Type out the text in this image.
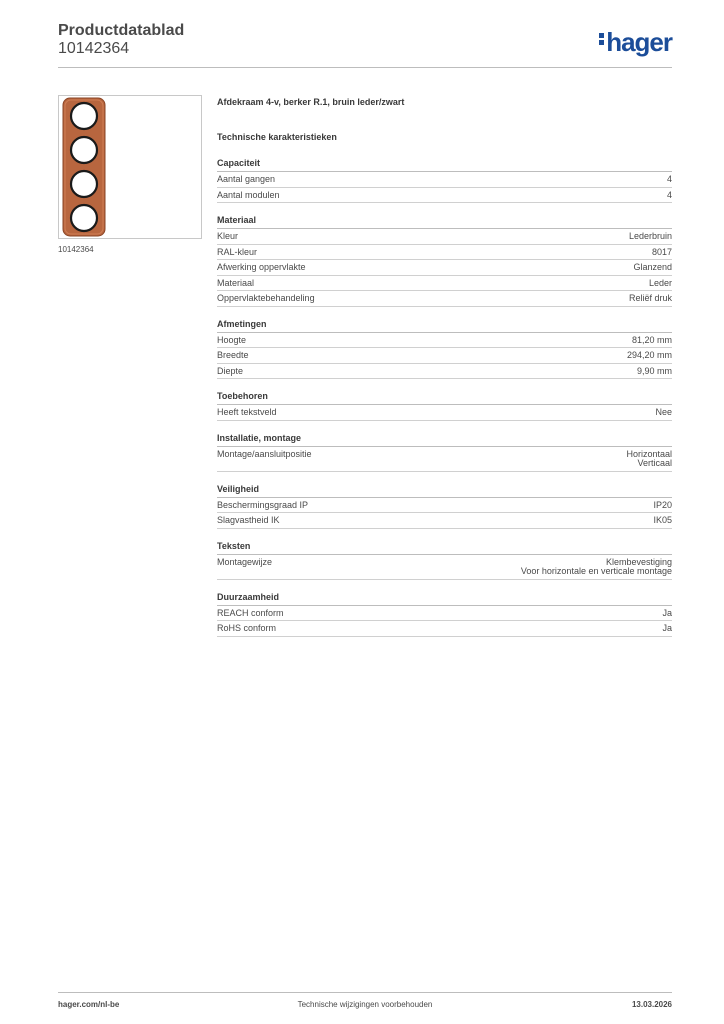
Productdatablad
10142364	hager
10142364
Afdekraam 4-v, berker R.1, bruin leder/zwart
Technische karakteristieken
Capaciteit
Aantal gangen	4
Aantal modulen	4
Materiaal
Kleur	Lederbruin
RAL-kleur	8017
Afwerking oppervlakte	Glanzend
Materiaal	Leder
Oppervlaktebehandeling	Reliëf druk
Afmetingen
Hoogte	81,20 mm
Breedte	294,20 mm
Diepte	9,90 mm
Toebehoren
Heeft tekstveld	Nee
Installatie, montage
Montage/aansluitpositie	Horizontaal
Verticaal
Veiligheid
Beschermingsgraad IP	IP20
Slagvastheid IK	IK05
Teksten
Montagewijze	Klembevestiging
Voor horizontale en verticale montage
Duurzaamheid
REACH conform	Ja
RoHS conform	Ja
hager.com/nl-be	Technische wijzigingen voorbehouden	13.03.2026
